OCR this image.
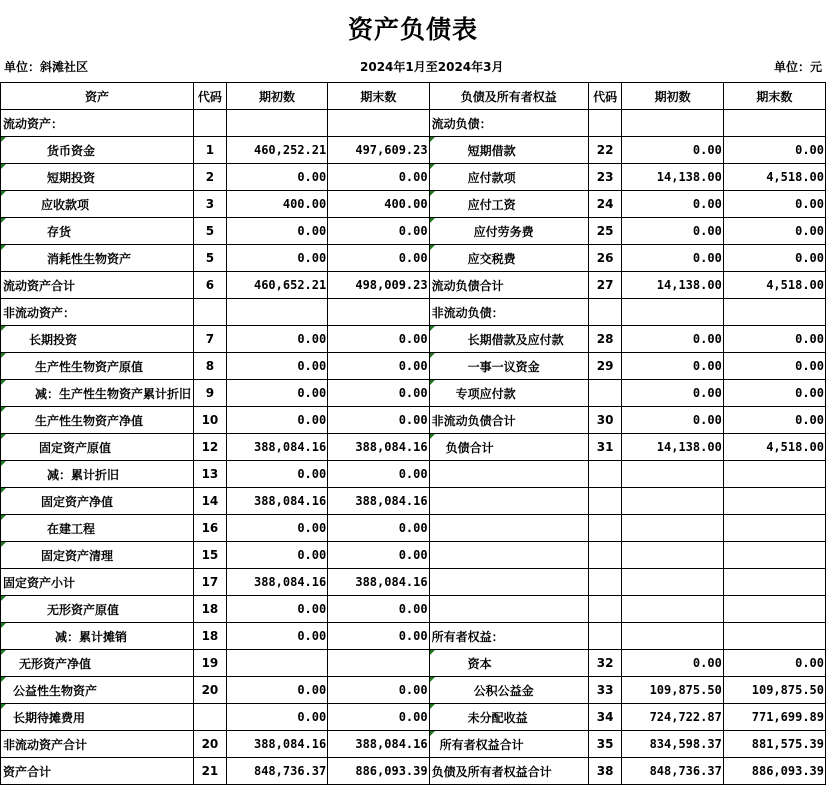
资产负债表
单位：斜滩社区	2024年1月至2024年3月	单位：元
资产	代码	期初数	期末数	负债及所有者权益	代码	期初数	期末数
流动资产：				流动负债：			
货币资金	1	460,252.21	497,609.23	短期借款	22	0.00	0.00
短期投资	2	0.00	0.00	应付款项	23	14,138.00	4,518.00
应收款项	3	400.00	400.00	应付工资	24	0.00	0.00
存货	5	0.00	0.00	应付劳务费	25	0.00	0.00
消耗性生物资产	5	0.00	0.00	应交税费	26	0.00	0.00
流动资产合计	6	460,652.21	498,009.23	流动负债合计	27	14,138.00	4,518.00
非流动资产：				非流动负债：			
长期投资	7	0.00	0.00	长期借款及应付款	28	0.00	0.00
生产性生物资产原值	8	0.00	0.00	一事一议资金	29	0.00	0.00
减：生产性生物资产累计折旧	9	0.00	0.00	专项应付款		0.00	0.00
生产性生物资产净值	10	0.00	0.00	非流动负债合计	30	0.00	0.00
固定资产原值	12	388,084.16	388,084.16	负债合计	31	14,138.00	4,518.00
减：累计折旧	13	0.00	0.00				
固定资产净值	14	388,084.16	388,084.16				
在建工程	16	0.00	0.00				
固定资产清理	15	0.00	0.00				
固定资产小计	17	388,084.16	388,084.16				
无形资产原值	18	0.00	0.00				
减：累计摊销	18	0.00	0.00	所有者权益：			
无形资产净值	19			资本	32	0.00	0.00
公益性生物资产	20	0.00	0.00	公积公益金	33	109,875.50	109,875.50
长期待摊费用		0.00	0.00	未分配收益	34	724,722.87	771,699.89
非流动资产合计	20	388,084.16	388,084.16	所有者权益合计	35	834,598.37	881,575.39
资产合计	21	848,736.37	886,093.39	负债及所有者权益合计	38	848,736.37	886,093.39
